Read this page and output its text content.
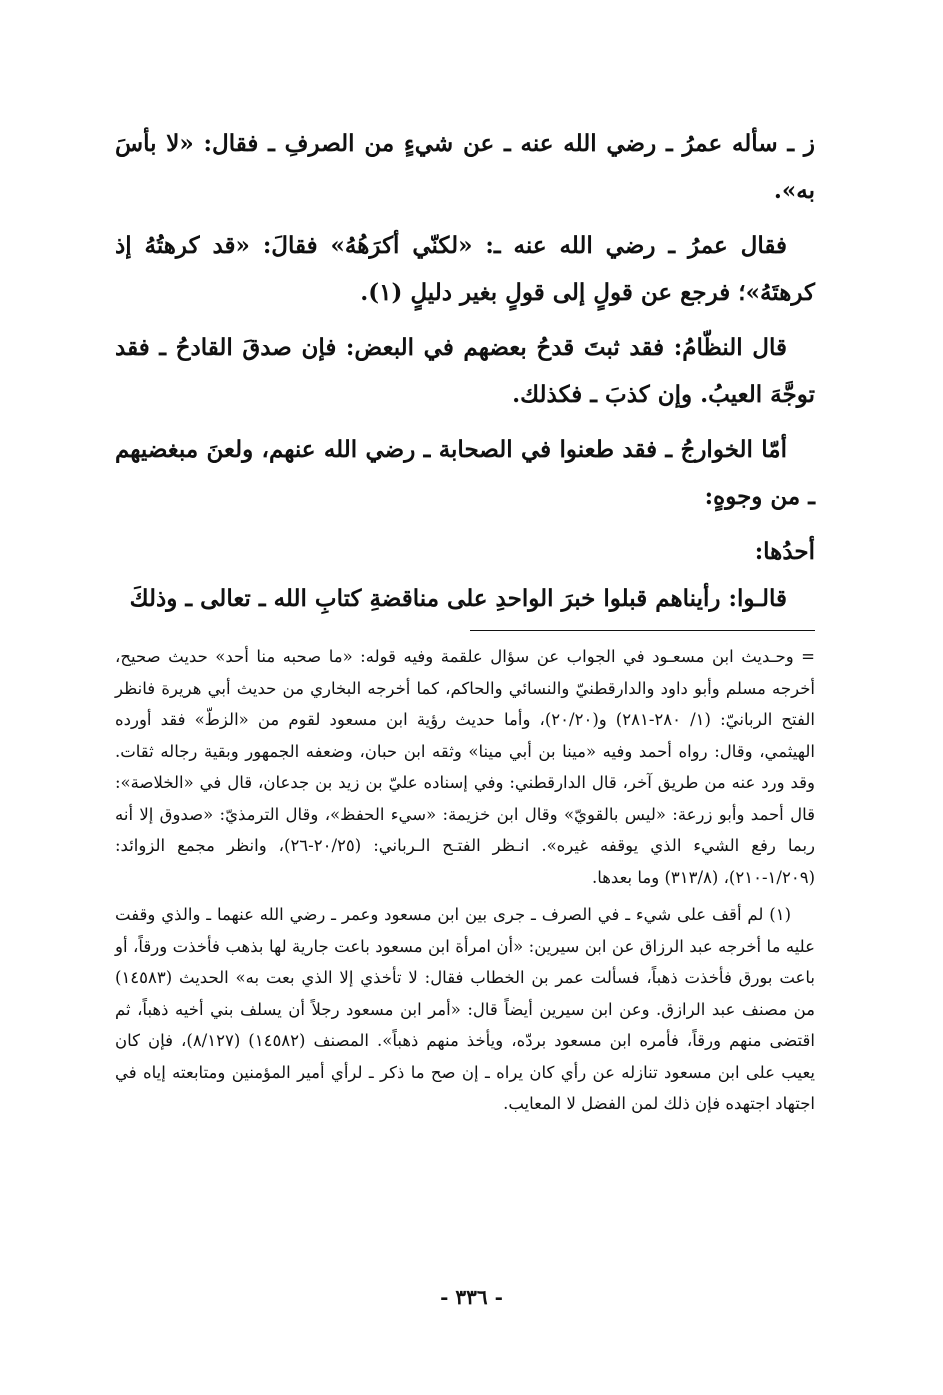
ز ـ سأله عمرُ ـ رضي الله عنه ـ عن شيءٍ من الصرفِ ـ فقال: «لا بأسَ به».

فقال عمرُ ـ رضي الله عنه ـ: «لكنّي أكرَهُهُ» فقالَ: «قد كرهتُهُ إذ كرهتَهُ»؛ فرجع عن قولٍ إلى قولٍ بغير دليلٍ (١).

قال النظّامُ: فقد ثبتَ قدحُ بعضهم في البعض: فإن صدقَ القادحُ ـ فقد توجَّهَ العيبُ. وإن كذبَ ـ فكذلك.

أمّا الخوارجُ ـ فقد طعنوا في الصحابة ـ رضي الله عنهم، ولعنَ مبغضيهم ـ من وجوهٍ:

أحدُها:

قالـوا: رأيناهم قبلوا خبرَ الواحدِ على مناقضةِ كتابِ الله ـ تعالى ـ وذلكَ

= وحـديث ابن مسعـود في الجواب عن سؤال علقمة وفيه قوله: «ما صحبه منا أحد» حديث صحيح، أخرجه مسلم وأبو داود والدارقطنيّ والنسائي والحاكم، كما أخرجه البخاري من حديث أبي هريرة فانظر الفتح الربانيّ: (١/ ٢٨٠-٢٨١) و(٢٠/٢٠)، وأما حديث رؤية ابن مسعود لقوم من «الزطّ» فقد أورده الهيثمي، وقال: رواه أحمد وفيه «مينا بن أبي مينا» وثقه ابن حبان، وضعفه الجمهور وبقية رجاله ثقات. وقد ورد عنه من طريق آخر، قال الدارقطني: وفي إسناده عليّ بن زيد بن جدعان، قال في «الخلاصة»: قال أحمد وأبو زرعة: «ليس بالقويّ» وقال ابن خزيمة: «سيء الحفظ»، وقال الترمذيّ: «صدوق إلا أنه ربما رفع الشيء الذي يوقفه غيره». انـظر الفتـح الـرباني: (٢٠/٢٥-٢٦)، وانظر مجمع الزوائد: (١/٢٠٩-٢١٠)، (٣١٣/٨) وما بعدها.

(١) لم أقف على شيء ـ في الصرف ـ جرى بين ابن مسعود وعمر ـ رضي الله عنهما ـ والذي وقفت عليه ما أخرجه عبد الرزاق عن ابن سيرين: «أن امرأة ابن مسعود باعت جارية لها بذهب فأخذت ورقاً، أو باعت بورق فأخذت ذهباً، فسألت عمر بن الخطاب فقال: لا تأخذي إلا الذي بعت به» الحديث (١٤٥٨٣) من مصنف عبد الرازق. وعن ابن سيرين أيضاً قال: «أمر ابن مسعود رجلاً أن يسلف بني أخيه ذهباً، ثم اقتضى منهم ورقاً، فأمره ابن مسعود بردّه، ويأخذ منهم ذهباً». المصنف (١٤٥٨٢) (٨/١٢٧)، فإن كان يعيب على ابن مسعود تنازله عن رأي كان يراه ـ إن صح ما ذكر ـ لرأي أمير المؤمنين ومتابعته إياه في اجتهاد اجتهده فإن ذلك لمن الفضل لا المعايب.

- ٣٣٦ -
